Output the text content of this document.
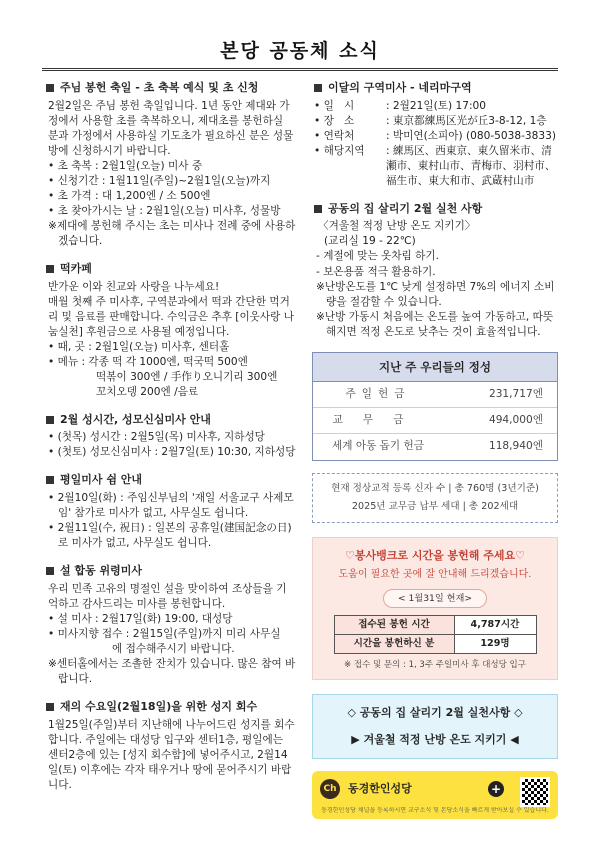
본당 공동체 소식
주님 봉헌 축일 - 초 축복 예식 및 초 신청
2월2일은 주님 봉헌 축일입니다. 1년 동안 제대와 가정에서 사용할 초를 축복하오니, 제대초를 봉헌하실 분과 가정에서 사용하실 기도초가 필요하신 분은 성물방에 신청하시기 바랍니다.
• 초 축복 : 2월1일(오늘) 미사 중
• 신청기간 : 1월11일(주일)~2월1일(오늘)까지
• 초 가격 : 대 1,200엔 / 소 500엔
• 초 찾아가시는 날 : 2월1일(오늘) 미사후, 성물방
※제대에 봉헌해 주시는 초는 미사나 전례 중에 사용하겠습니다.
떡카페
반가운 이와 친교와 사랑을 나누세요!
매월 첫째 주 미사후, 구역분과에서 떡과 간단한 먹거리 및 음료를 판매합니다. 수익금은 추후 [이웃사랑 나눔실천] 후원금으로 사용될 예정입니다.
• 때, 곳 : 2월1일(오늘) 미사후, 센터홀
• 메뉴 : 각종 떡 각 1000엔, 떡국떡 500엔
떡볶이 300엔 / 手作り오니기리 300엔
꼬치오뎅 200엔 /음료
2월 성시간, 성모신심미사 안내
• (첫목) 성시간 : 2월5일(목) 미사후, 지하성당
• (첫토) 성모신심미사 : 2월7일(토) 10:30, 지하성당
평일미사 쉼 안내
• 2월10일(화) : 주임신부님의 '재일 서울교구 사제모임' 참가로 미사가 없고, 사무실도 쉽니다.
• 2월11일(수, 祝日) : 일본의 공휴일(建国記念の日)로 미사가 없고, 사무실도 쉽니다.
설 합동 위령미사
우리 민족 고유의 명절인 설을 맞이하여 조상들을 기억하고 감사드리는 미사를 봉헌합니다.
• 설 미사 : 2월17일(화) 19:00, 대성당
• 미사지향 접수 : 2월15일(주일)까지 미리 사무실
에 접수해주시기 바랍니다.
※센터홀에서는 조촐한 잔치가 있습니다. 많은 참여 바랍니다.
재의 수요일(2월18일)을 위한 성지 회수
1월25일(주일)부터 지난해에 나누어드린 성지를 회수합니다. 주일에는 대성당 입구와 센터1층, 평일에는 센터2층에 있는 [성지 회수함]에 넣어주시고, 2월14일(토) 이후에는 각자 태우거나 땅에 묻어주시기 바랍니다.
이달의 구역미사 - 네리마구역
• 일   시	: 2월21일(토) 17:00
• 장   소	: 東京都練馬区光が丘3-8-12, 1층
• 연락처	: 박미연(소피아) (080-5038-3833)
• 해당지역	: 練馬区、西東京、東久留米市、清瀬市、東村山市、青梅市、羽村市、福生市、東大和市、武蔵村山市
공동의 집 살리기 2월 실천 사항
〈겨울철 적정 난방 온도 지키기〉
(교리실 19 - 22℃)
- 계절에 맞는 옷차림 하기.
- 보온용품 적극 활용하기.
※난방온도를 1℃ 낮게 설정하면 7%의 에너지 소비량을 절감할 수 있습니다.
※난방 가동시 처음에는 온도를 높여 가동하고, 따뜻해지면 적정 온도로 낮추는 것이 효율적입니다.
지난 주 우리들의 정성
주일헌금	231,717엔
교무금	494,000엔
세계 아동 돕기 헌금	118,940엔
현재 정상교적 등록 신자 수 | 총 760명 (3년기준)
2025년 교무금 납부 세대 | 총 202세대
♡봉사뱅크로 시간을 봉헌해 주세요♡
도움이 필요한 곳에 잘 안내해 드리겠습니다.
< 1월31일 현재>
접수된 봉헌 시간	4,787시간
시간을 봉헌하신 분	129명
※ 접수 및 문의 : 1, 3주 주일미사 후 대성당 입구
◇ 공동의 집 살리기 2월 실천사항 ◇
▶ 겨울철 적정 난방 온도 지키기 ◀
Ch	동경한인성당	+
동경한인성당 채널을 등록하시면 교구소식 및 본당소식을 빠르게 받아보실 수 있습니다.
